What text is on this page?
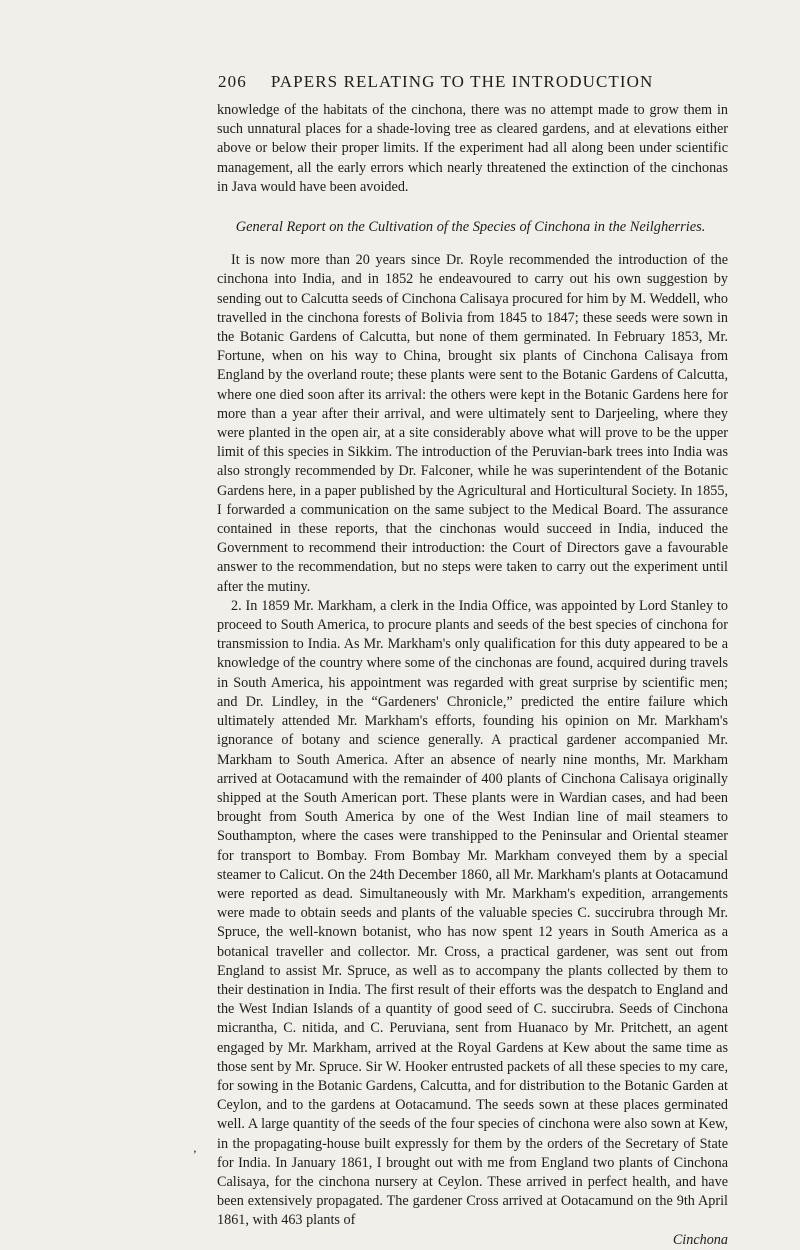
206 PAPERS RELATING TO THE INTRODUCTION

knowledge of the habitats of the cinchona, there was no attempt made to grow them in such unnatural places for a shade-loving tree as cleared gardens, and at elevations either above or below their proper limits. If the experiment had all along been under scientific management, all the early errors which nearly threatened the extinction of the cinchonas in Java would have been avoided.

General Report on the Cultivation of the Species of Cinchona in the Neilgherries.

It is now more than 20 years since Dr. Royle recommended the introduction of the cinchona into India, and in 1852 he endeavoured to carry out his own suggestion by sending out to Calcutta seeds of Cinchona Calisaya procured for him by M. Weddell, who travelled in the cinchona forests of Bolivia from 1845 to 1847; these seeds were sown in the Botanic Gardens of Calcutta, but none of them germinated. In February 1853, Mr. Fortune, when on his way to China, brought six plants of Cinchona Calisaya from England by the overland route; these plants were sent to the Botanic Gardens of Calcutta, where one died soon after its arrival: the others were kept in the Botanic Gardens here for more than a year after their arrival, and were ultimately sent to Darjeeling, where they were planted in the open air, at a site considerably above what will prove to be the upper limit of this species in Sikkim. The introduction of the Peruvian-bark trees into India was also strongly recommended by Dr. Falconer, while he was superintendent of the Botanic Gardens here, in a paper published by the Agricultural and Horticultural Society. In 1855, I forwarded a communication on the same subject to the Medical Board. The assurance contained in these reports, that the cinchonas would succeed in India, induced the Government to recommend their introduction: the Court of Directors gave a favourable answer to the recommendation, but no steps were taken to carry out the experiment until after the mutiny.

2. In 1859 Mr. Markham, a clerk in the India Office, was appointed by Lord Stanley to proceed to South America, to procure plants and seeds of the best species of cinchona for transmission to India. As Mr. Markham's only qualification for this duty appeared to be a knowledge of the country where some of the cinchonas are found, acquired during travels in South America, his appointment was regarded with great surprise by scientific men; and Dr. Lindley, in the “Gardeners' Chronicle,” predicted the entire failure which ultimately attended Mr. Markham's efforts, founding his opinion on Mr. Markham's ignorance of botany and science generally. A practical gardener accompanied Mr. Markham to South America. After an absence of nearly nine months, Mr. Markham arrived at Ootacamund with the remainder of 400 plants of Cinchona Calisaya originally shipped at the South American port. These plants were in Wardian cases, and had been brought from South America by one of the West Indian line of mail steamers to Southampton, where the cases were transhipped to the Peninsular and Oriental steamer for transport to Bombay. From Bombay Mr. Markham conveyed them by a special steamer to Calicut. On the 24th December 1860, all Mr. Markham's plants at Ootacamund were reported as dead. Simultaneously with Mr. Markham's expedition, arrangements were made to obtain seeds and plants of the valuable species C. succirubra through Mr. Spruce, the well-known botanist, who has now spent 12 years in South America as a botanical traveller and collector. Mr. Cross, a practical gardener, was sent out from England to assist Mr. Spruce, as well as to accompany the plants collected by them to their destination in India. The first result of their efforts was the despatch to England and the West Indian Islands of a quantity of good seed of C. succirubra. Seeds of Cinchona micrantha, C. nitida, and C. Peruviana, sent from Huanaco by Mr. Pritchett, an agent engaged by Mr. Markham, arrived at the Royal Gardens at Kew about the same time as those sent by Mr. Spruce. Sir W. Hooker entrusted packets of all these species to my care, for sowing in the Botanic Gardens, Calcutta, and for distribution to the Botanic Garden at Ceylon, and to the gardens at Ootacamund. The seeds sown at these places germinated well. A large quantity of the seeds of the four species of cinchona were also sown at Kew, in the propagating-house built expressly for them by the orders of the Secretary of State for India. In January 1861, I brought out with me from England two plants of Cinchona Calisaya, for the cinchona nursery at Ceylon. These arrived in perfect health, and have been extensively propagated. The gardener Cross arrived at Ootacamund on the 9th April 1861, with 463 plants of

Cinchona

’
